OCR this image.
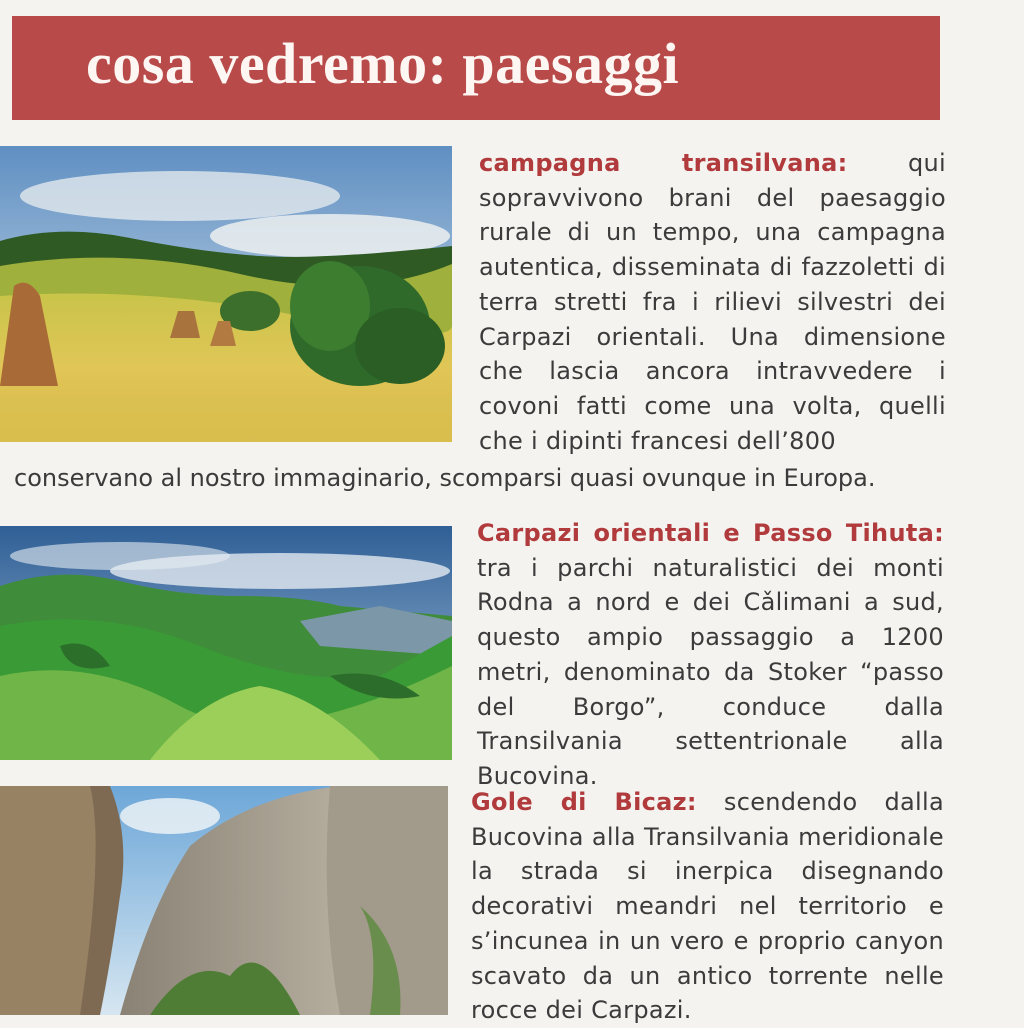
cosa vedremo: paesaggi

campagna transilvana:	qui sopravvivono brani del paesaggio rurale di un tempo, una campagna autentica, disseminata di fazzoletti di terra stretti fra i rilievi silvestri dei Carpazi orientali. Una dimensione che lascia ancora intravvedere i covoni fatti come una volta, quelli che i dipinti francesi dell’800

conservano al nostro immaginario, scomparsi quasi ovunque in Europa.

Carpazi orientali e Passo Tihuta: tra i parchi naturalistici dei monti Rodna a nord e dei Cǎlimani a sud, questo ampio passaggio a 1200 metri, denominato da Stoker “passo del Borgo”, conduce dalla Transilvania settentrionale alla Bucovina.

Gole di Bicaz: scendendo dalla Bucovina alla Transilvania meridionale la strada si inerpica disegnando decorativi meandri nel territorio e s’incunea in un vero e proprio canyon scavato da un antico torrente nelle rocce dei Carpazi.
